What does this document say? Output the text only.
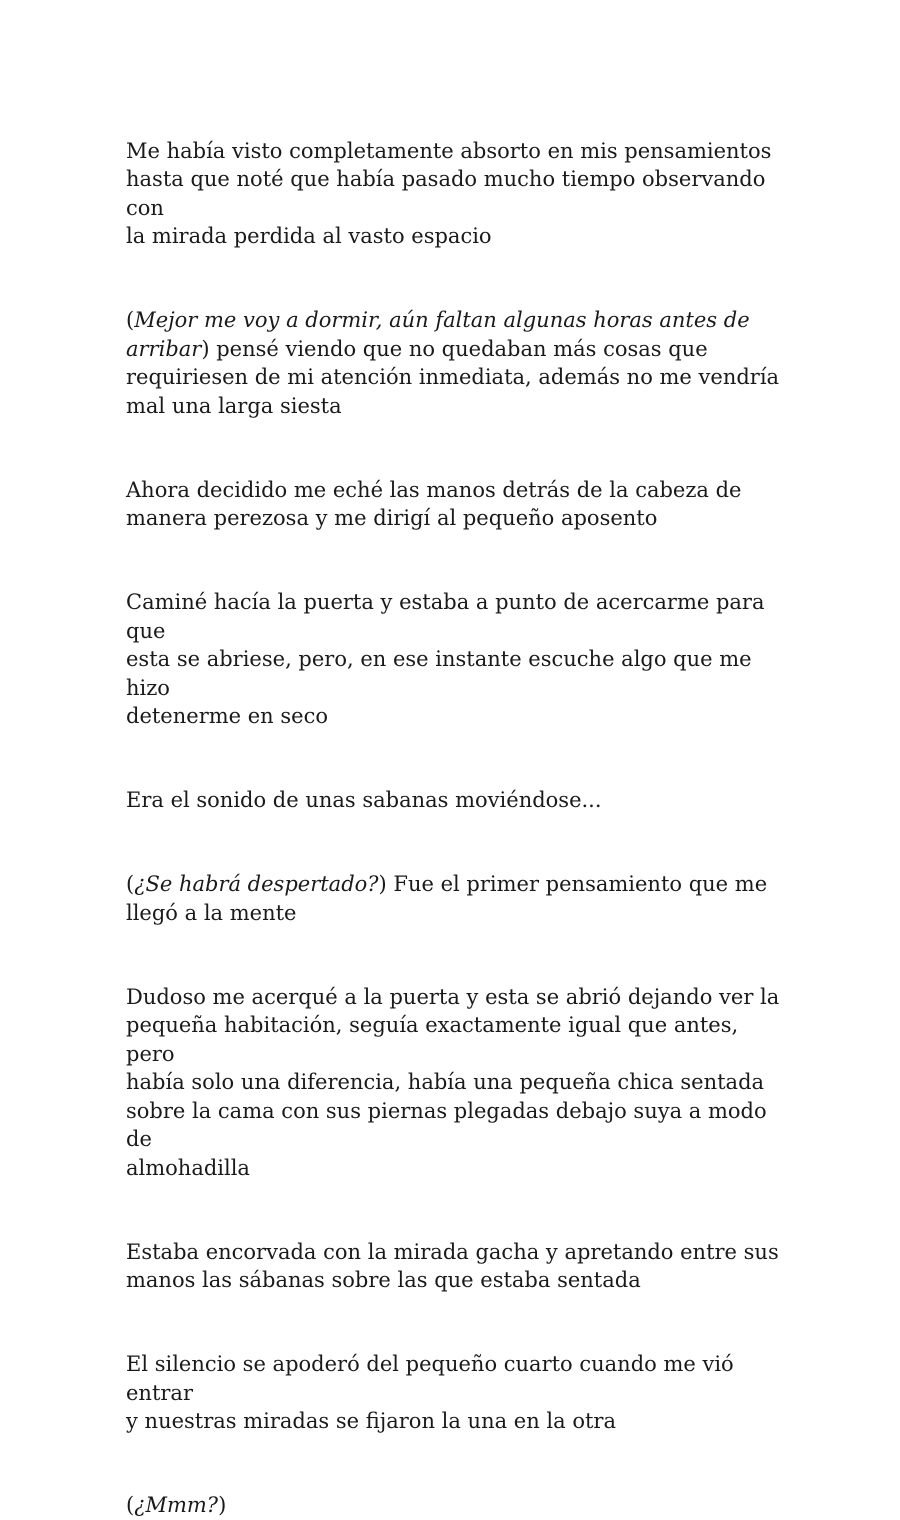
Me había visto completamente absorto en mis pensamientos
hasta que noté que había pasado mucho tiempo observando con
la mirada perdida al vasto espacio

(Mejor me voy a dormir, aún faltan algunas horas antes de
arribar) pensé viendo que no quedaban más cosas que
requiriesen de mi atención inmediata, además no me vendría
mal una larga siesta

Ahora decidido me eché las manos detrás de la cabeza de
manera perezosa y me dirigí al pequeño aposento

Caminé hacía la puerta y estaba a punto de acercarme para que
esta se abriese, pero, en ese instante escuche algo que me hizo
detenerme en seco

Era el sonido de unas sabanas moviéndose...

(¿Se habrá despertado?) Fue el primer pensamiento que me
llegó a la mente

Dudoso me acerqué a la puerta y esta se abrió dejando ver la
pequeña habitación, seguía exactamente igual que antes, pero
había solo una diferencia, había una pequeña chica sentada
sobre la cama con sus piernas plegadas debajo suya a modo de
almohadilla

Estaba encorvada con la mirada gacha y apretando entre sus
manos las sábanas sobre las que estaba sentada

El silencio se apoderó del pequeño cuarto cuando me vió entrar
y nuestras miradas se fijaron la una en la otra

(¿Mmm?)
